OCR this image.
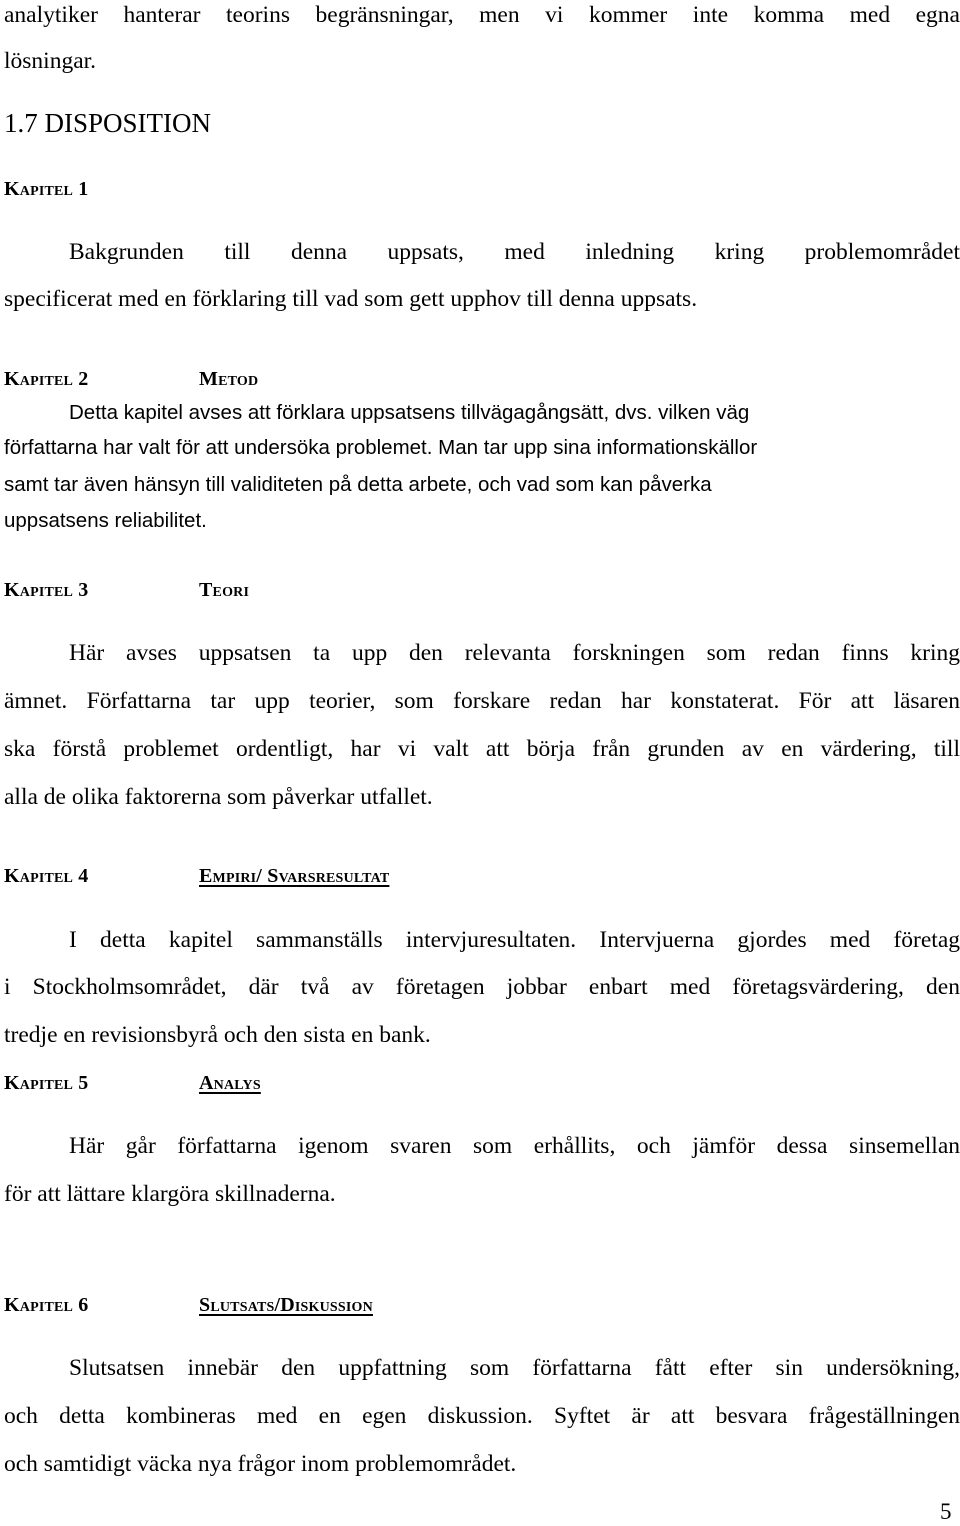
analytiker hanterar teorins begränsningar, men vi kommer inte komma med egna
lösningar.
1.7 DISPOSITION
Kapitel 1
Bakgrunden till denna uppsats, med inledning kring problemområdet
specificerat med en förklaring till vad som gett upphov till denna uppsats.
Kapitel 2	Metod
Detta kapitel avses att förklara uppsatsens tillvägagångsätt, dvs. vilken väg
författarna har valt för att undersöka problemet. Man tar upp sina informationskällor
samt tar även hänsyn till validiteten på detta arbete, och vad som kan påverka
uppsatsens reliabilitet.
Kapitel 3	Teori
Här avses uppsatsen ta upp den relevanta forskningen som redan finns kring
ämnet. Författarna tar upp teorier, som forskare redan har konstaterat. För att läsaren
ska förstå problemet ordentligt, har vi valt att börja från grunden av en värdering, till
alla de olika faktorerna som påverkar utfallet.
Kapitel 4	Empiri/ Svarsresultat
I detta kapitel sammanställs intervjuresultaten. Intervjuerna gjordes med företag
i Stockholmsområdet, där två av företagen jobbar enbart med företagsvärdering, den
tredje en revisionsbyrå och den sista en bank.
Kapitel 5	Analys
Här går författarna igenom svaren som erhållits, och jämför dessa sinsemellan
för att lättare klargöra skillnaderna.
Kapitel 6	Slutsats/Diskussion
Slutsatsen innebär den uppfattning som författarna fått efter sin undersökning,
och detta kombineras med en egen diskussion. Syftet är att besvara frågeställningen
och samtidigt väcka nya frågor inom problemområdet.
5
